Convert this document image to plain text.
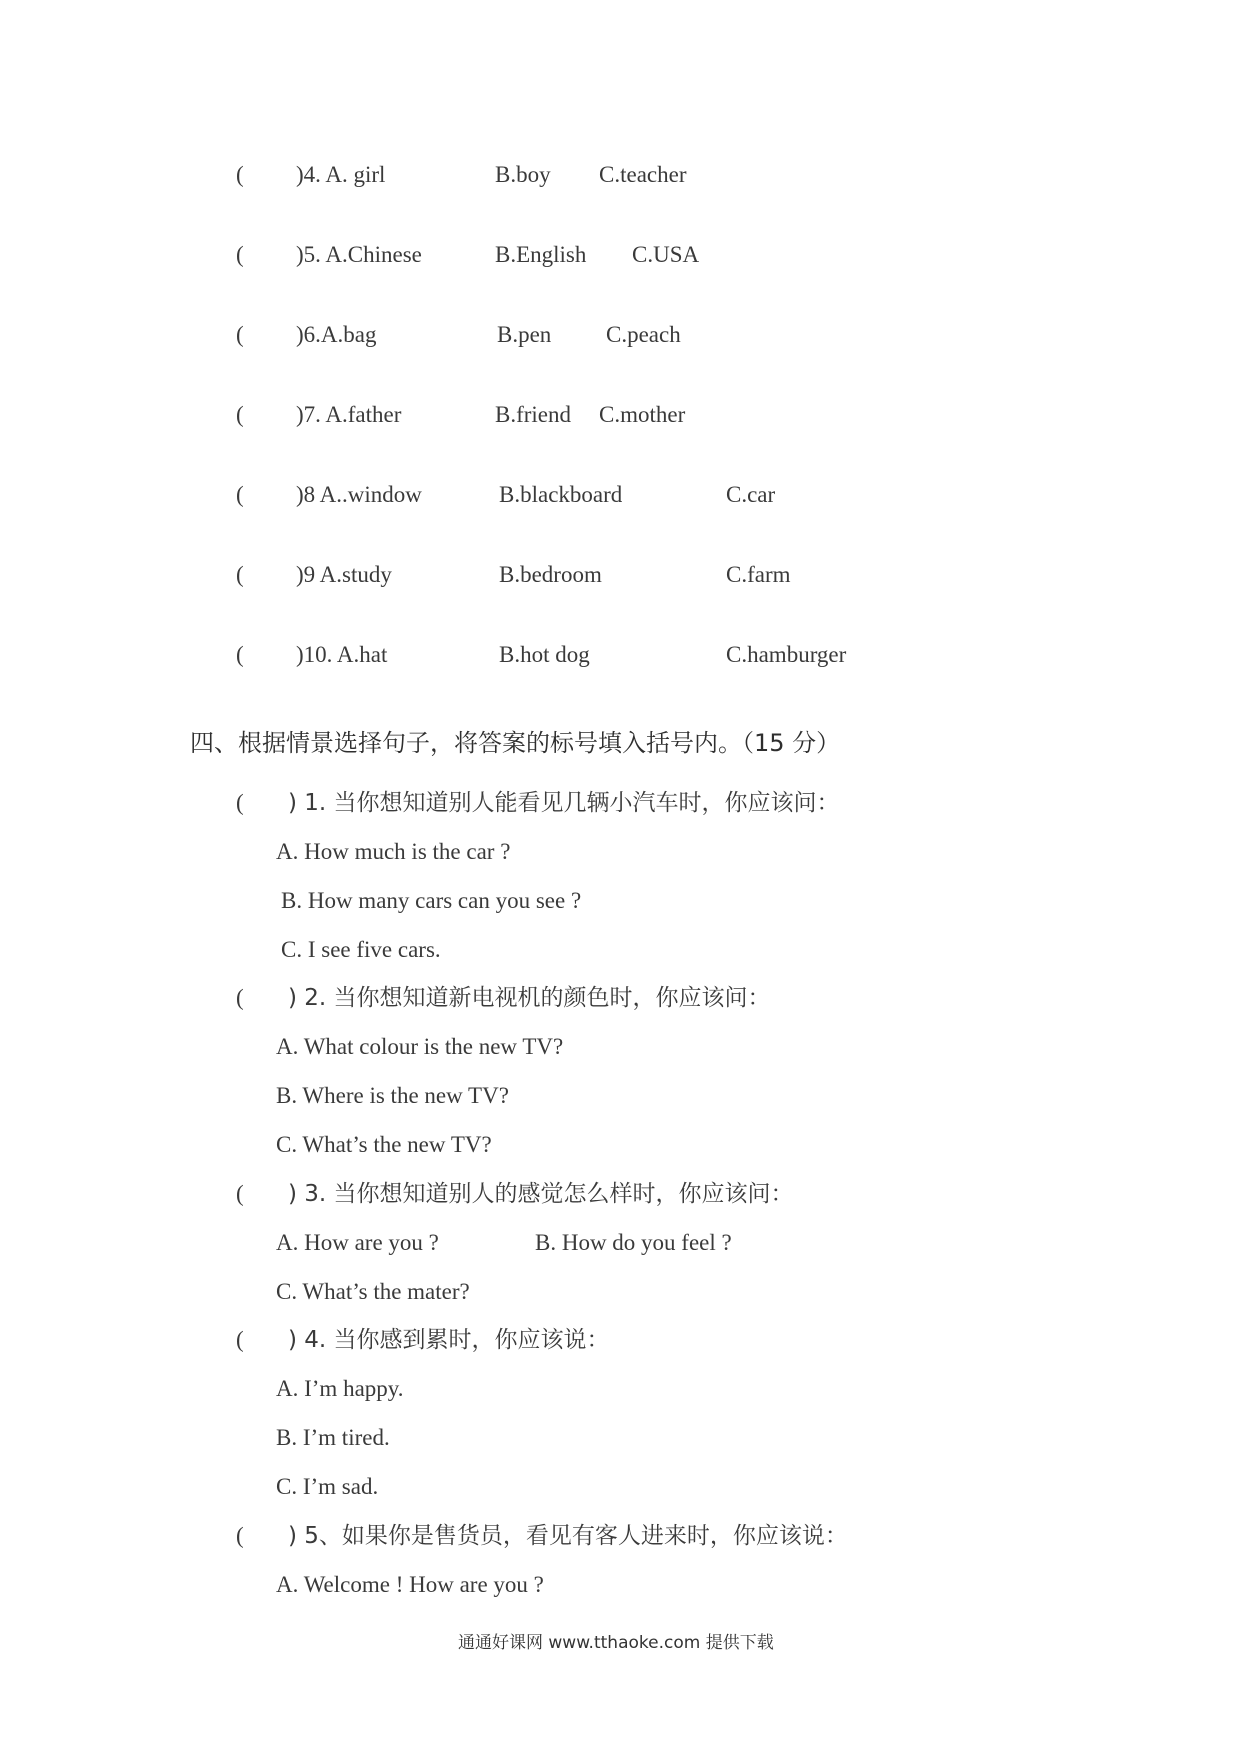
( )4. A. girl	B.boy C.teacher
( )5. A.Chinese	B.English C.USA
( )6.A.bag	B.pen C.peach
( )7. A.father	B.friend C.mother
( )8 A..window	B.blackboard	C.car
( )9 A.study	B.bedroom	C.farm
( )10. A.hat	B.hot dog	C.hamburger
四、根据情景选择句子，将答案的标号填入括号内。（15 分）
( ) 1. 当你想知道别人能看见几辆小汽车时，你应该问：
A. How much is the car ?
B. How many cars can you see ?
C. I see five cars.
( ) 2. 当你想知道新电视机的颜色时，你应该问：
A. What colour is the new TV?
B. Where is the new TV?
C. What’s the new TV?
( ) 3. 当你想知道别人的感觉怎么样时，你应该问：
A. How are you ?	B. How do you feel ?
C. What’s the mater?
( ) 4. 当你感到累时，你应该说：
A. I’m happy.
B. I’m tired.
C. I’m sad.
( ) 5、如果你是售货员，看见有客人进来时，你应该说：
A. Welcome ! How are you ?
通通好课网 www.tthaoke.com 提供下载
